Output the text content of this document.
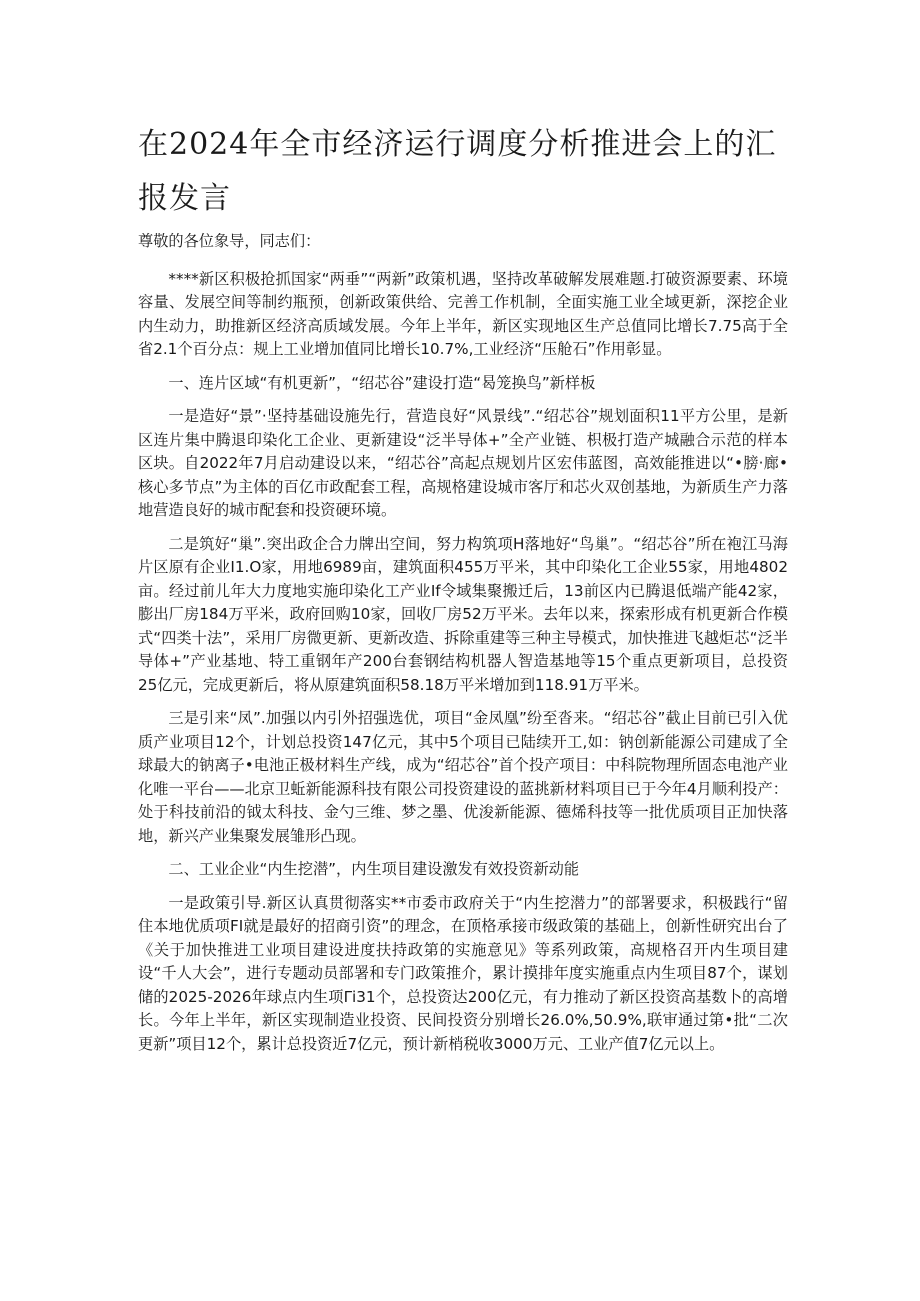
在2024年全市经济运行调度分析推进会上的汇报发言

尊敬的各位象导，同志们：

****新区积极抢抓国家“两垂”“两新”政策机遇，坚持改革破解发展难题.打破资源要素、环境容量、发展空间等制约瓶预，创新政策供给、完善工作机制，全面实施工业全域更新，深挖企业内生动力，助推新区经济高质域发展。今年上半年，新区实现地区生产总值同比增长7.75高于全省2.1个百分点：规上工业增加值同比增长10.7%,工业经济“压舱石”作用彰显。

一、连片区域“有机更新”，“绍芯谷”建设打造“曷笼换鸟”新样板

一是造好“景”·坚持基础设施先行，营造良好“风景线”.“绍芯谷”规划面积11平方公里，是新区连片集中腾退印染化工企业、更新建设“泛半导体+”全产业链、枳极打造产城融合示范的样本区块。自2022年7月启动建设以来，“绍芯谷”高起点规划片区宏伟蓝图，高效能推进以“•膀·廊•核心多节点”为主体的百亿市政配套工程，高规格建设城市客厅和芯火双创基地，为新质生产力落地营造良好的城市配套和投资硬环境。

二是筑好“巢”.突出政企合力牌出空间，努力构筑项H落地好“鸟巢”。“绍芯谷”所在袍江马海片区原有企业I1.O家，用地6989亩，建筑面积455万平米，其中印染化工企业55家，用地4802亩。经过前儿年大力度地实施印染化工产业If令域集聚搬迁后，13前区内已腾退低端产能42家，膨出厂房184万平米，政府回购10家，回收厂房52万平米。去年以来，探索形成有机更新合作模式“四类十法”，采用厂房微更新、更新改造、拆除重建等三种主导模式，加快推进飞越炬芯“泛半导体+”产业基地、特工重钢年产200台套钢结构机器人智造基地等15个重点更新项目，总投资25亿元，完成更新后，将从原建筑面积58.18万平米增加到118.91万平米。

三是引来“凤”.加强以内引外招强选优，项目“金凤凰”纷至沓来。“绍芯谷”截止目前已引入优质产业项目12个，计划总投资147亿元，其中5个项目已陆续开工,如：钠创新能源公司建成了全球最大的钠离子•电池正极材料生产线，成为“绍芯谷”首个投产项目：中科院物理所固态电池产业化唯一平台——北京卫蚯新能源科技有限公司投资建设的蓝挑新材料项目已于今年4月顺利投产：处于科技前沿的钺太科技、金勺三维、梦之墨、优浚新能源、德烯科技等一批优质项目正加快落地，新兴产业集聚发展雏形凸现。

二、工业企业“内生挖潜”，内生项目建设激发有效投资新动能

一是政策引导.新区认真贯彻落实**市委市政府关于“内生挖潜力”的部署要求，积极践行“留住本地优质项FI就是最好的招商引资”的理念，在顶格承接市级政策的基础上，创新性研究出台了《关于加快推进工业项目建设进度扶持政第的实施意见》等系列政策，高规格召开内生项目建设“千人大会”，进行专题动员部署和专门政策推介，累计摸排年度实施重点内生项目87个，谋划储的2025-2026年球点内生项Γi31个，总投资达200亿元，有力推动了新区投资高基数卜的高增长。今年上半年，新区实现制造业投资、民间投资分别增长26.0%,50.9%,联审通过第•批“二次更新”项目12个，累计总投资近7亿元，预计新梢税收3000万元、工业产值7亿元以上。
